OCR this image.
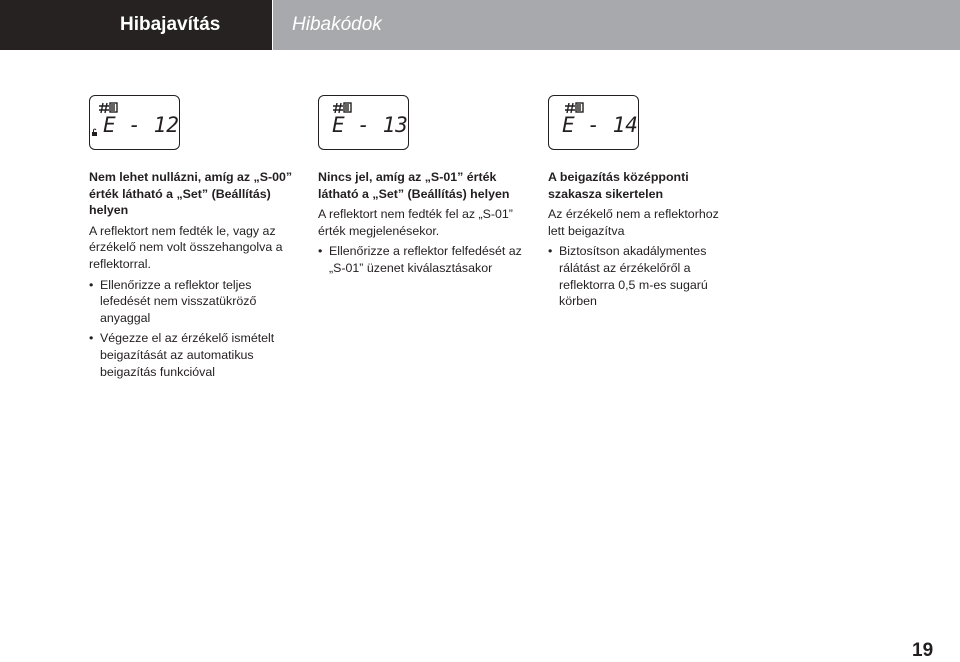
Hibajavítás	Hibakódok
E - 12	E - 13	E - 14
Nem lehet nullázni, amíg az „S-00” érték látható a „Set” (Beállítás) helyen

A reflektort nem fedték le, vagy az érzékelő nem volt összehangolva a reflektorral.

• Ellenőrizze a reflektor teljes lefedését nem visszatükröző anyaggal
• Végezze el az érzékelő ismételt beigazítását az automatikus beigazítás funkcióval
Nincs jel, amíg az „S-01” érték látható a „Set” (Beállítás) helyen

A reflektort nem fedték fel az „S-01” érték megjelenésekor.

• Ellenőrizze a reflektor felfedését az „S-01” üzenet kiválasztásakor
A beigazítás középponti szakasza sikertelen

Az érzékelő nem a reflektorhoz lett beigazítva

• Biztosítson akadálymentes rálátást az érzékelőről a reflektorra 0,5 m-es sugarú körben
19
